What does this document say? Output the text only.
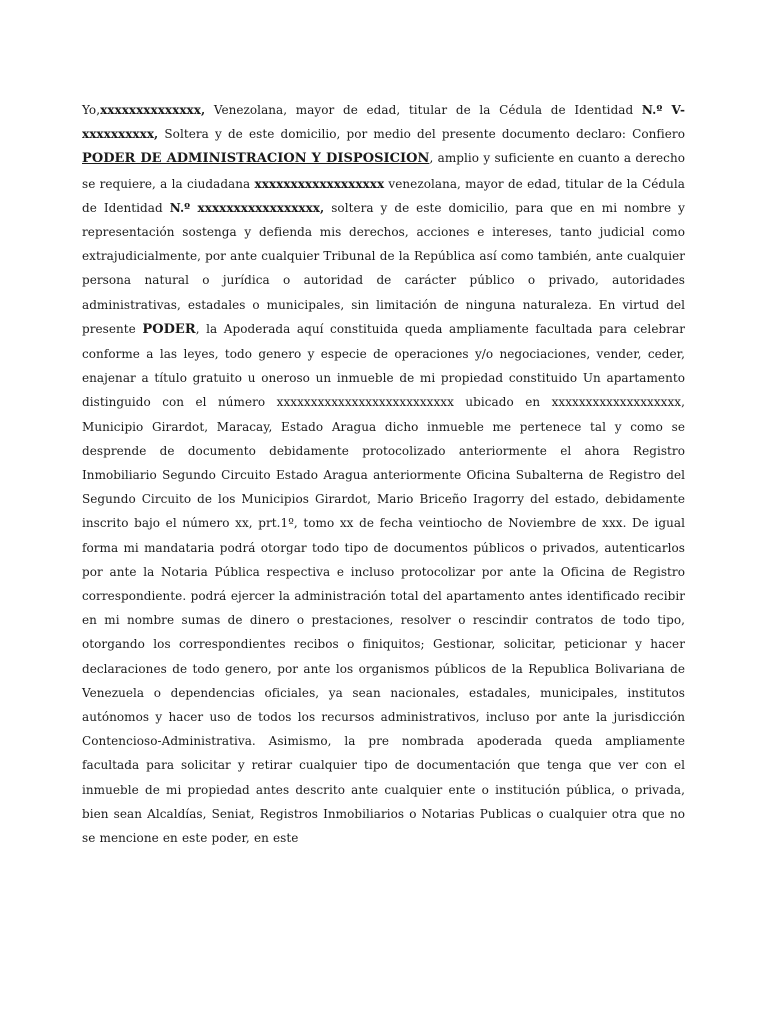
Yo,xxxxxxxxxxxxxx, Venezolana, mayor de edad, titular de la Cédula de Identidad N.º V-xxxxxxxxxx, Soltera y de este domicilio, por medio del presente documento declaro: Confiero PODER DE ADMINISTRACION Y DISPOSICION, amplio y suficiente en cuanto a derecho se requiere, a la ciudadana xxxxxxxxxxxxxxxxxx venezolana, mayor de edad, titular de la Cédula de Identidad N.º xxxxxxxxxxxxxxxxx, soltera y de este domicilio, para que en mi nombre y representación sostenga y defienda mis derechos, acciones e intereses, tanto judicial como extrajudicialmente, por ante cualquier Tribunal de la República así como también, ante cualquier persona natural o jurídica o autoridad de carácter público o privado, autoridades administrativas, estadales o municipales, sin limitación de ninguna naturaleza. En virtud del presente PODER, la Apoderada aquí constituida queda ampliamente facultada para celebrar conforme a las leyes, todo genero y especie de operaciones y/o negociaciones, vender, ceder, enajenar a título gratuito u oneroso un inmueble de mi propiedad constituido Un apartamento distinguido con el número xxxxxxxxxxxxxxxxxxxxxxxxxx ubicado en xxxxxxxxxxxxxxxxxxx, Municipio Girardot, Maracay, Estado Aragua dicho inmueble me pertenece tal y como se desprende de documento debidamente protocolizado anteriormente el ahora Registro Inmobiliario Segundo Circuito Estado Aragua anteriormente Oficina Subalterna de Registro del Segundo Circuito de los Municipios Girardot, Mario Briceño Iragorry del estado, debidamente inscrito bajo el número xx, prt.1º, tomo xx de fecha veintiocho de Noviembre de xxx. De igual forma mi mandataria podrá otorgar todo tipo de documentos públicos o privados, autenticarlos por ante la Notaria Pública respectiva e incluso protocolizar por ante la Oficina de Registro correspondiente. podrá ejercer la administración total del apartamento antes identificado recibir en mi nombre sumas de dinero o prestaciones, resolver o rescindir contratos de todo tipo, otorgando los correspondientes recibos o finiquitos; Gestionar, solicitar, peticionar y hacer declaraciones de todo genero, por ante los organismos públicos de la Republica Bolivariana de Venezuela o dependencias oficiales, ya sean nacionales, estadales, municipales, institutos autónomos y hacer uso de todos los recursos administrativos, incluso por ante la jurisdicción Contencioso-Administrativa. Asimismo, la pre nombrada apoderada queda ampliamente facultada para solicitar y retirar cualquier tipo de documentación que tenga que ver con el inmueble de mi propiedad antes descrito ante cualquier ente o institución pública, o privada, bien sean Alcaldías, Seniat, Registros Inmobiliarios o Notarias Publicas o cualquier otra que no se mencione en este poder, en este
